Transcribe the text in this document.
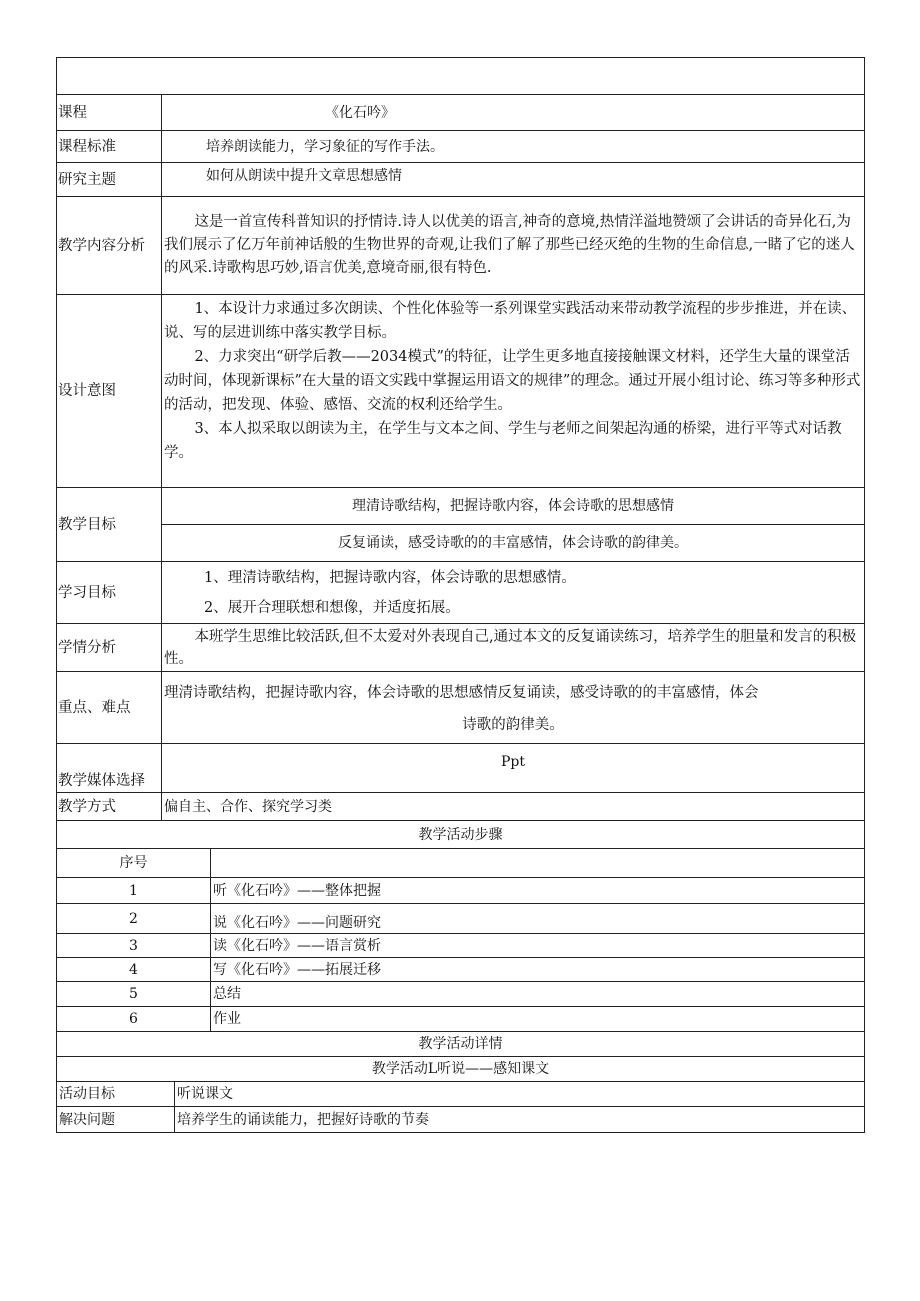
课程	《化石吟》
课程标准	培养朗读能力，学习象征的写作手法。
研究主题	如何从朗读中提升文章思想感情
教学内容分析	这是一首宣传科普知识的抒情诗.诗人以优美的语言,神奇的意境,热情洋溢地赞颂了会讲话的奇异化石,为我们展示了亿万年前神话般的生物世界的奇观,让我们了解了那些已经灭绝的生物的生命信息,一睹了它的迷人的风采.诗歌构思巧妙,语言优美,意境奇丽,很有特色.

设计意图	1、本设计力求通过多次朗读、个性化体验等一系列课堂实践活动来带动教学流程的步步推进，并在读、说、写的层进训练中落实教学目标。

2、力求突出“研学后教——2034模式”的特征，让学生更多地直接接触课文材料，还学生大量的课堂活动时间，体现新课标”在大量的语文实践中掌握运用语文的规律”的理念。通过开展小组讨论、练习等多种形式的活动，把发现、体验、感悟、交流的权利还给学生。

3、本人拟采取以朗读为主，在学生与文本之间、学生与老师之间架起沟通的桥梁，进行平等式对话教学。

教学目标	理清诗歌结构，把握诗歌内容，体会诗歌的思想感情
	反复诵读，感受诗歌的的丰富感情，体会诗歌的韵律美。
学习目标	1、理清诗歌结构，把握诗歌内容，体会诗歌的思想感情。
2、展开合理联想和想像，并适度拓展。

学情分析	本班学生思维比较活跃,但不太爱对外表现自己,通过本文的反复诵读练习，培养学生的胆量和发言的积极性。

重点、难点	理清诗歌结构，把握诗歌内容，体会诗歌的思想感情反复诵读，感受诗歌的的丰富感情，体会
诗歌的韵律美。

教学媒体选择	Ppt
教学方式	偏自主、合作、探究学习类
教学活动步骤	
序号	
1	听《化石吟》——整体把握
2	说《化石吟》——问题研究
3	读《化石吟》——语言赏析
4	写《化石吟》——拓展迁移
5	总结
6	作业
教学活动详情	
教学活动L听说——感知课文	
活动目标	听说课文
解决问题	培养学生的诵读能力，把握好诗歌的节奏
